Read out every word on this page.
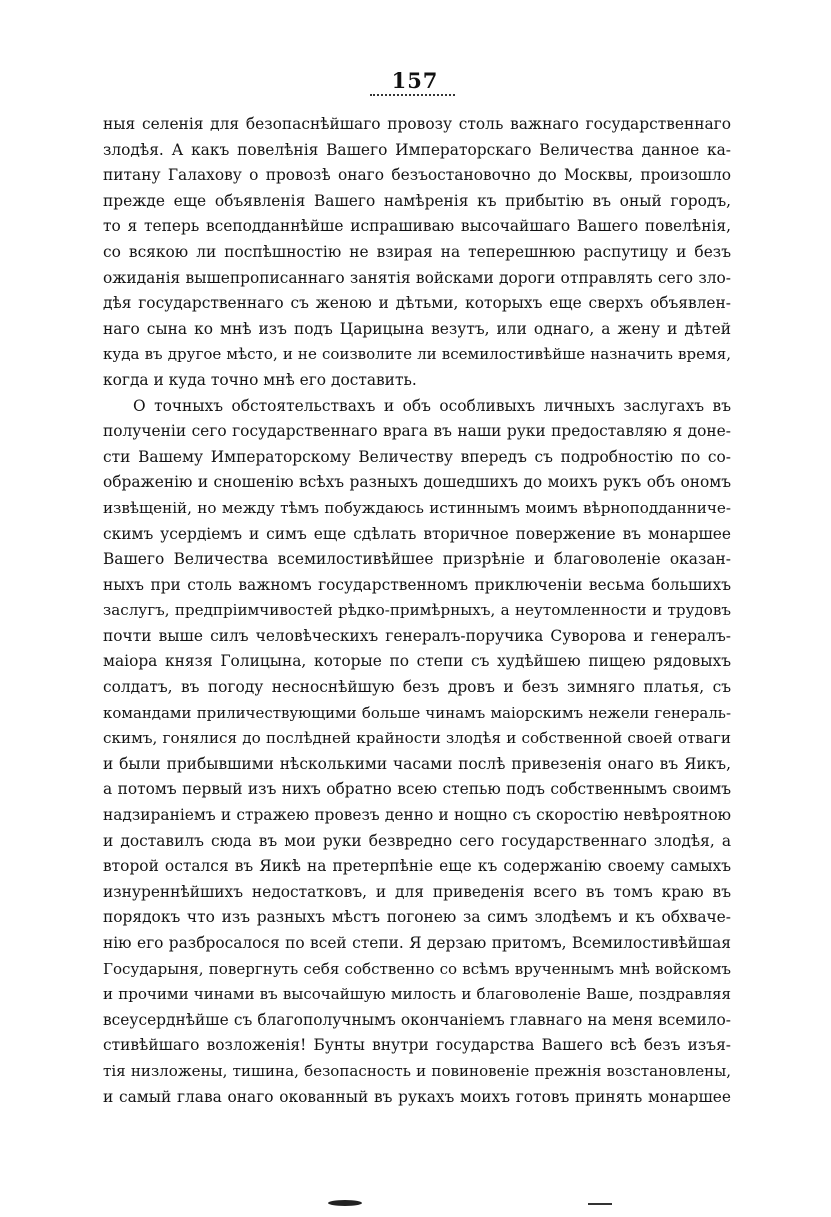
157
ныя селенія для безопаснѣйшаго провозу столь важнаго государственнаго
злодѣя. А какъ повелѣнія Вашего Императорскаго Величества данное ка-
питану Галахову о провозѣ онаго безъостановочно до Москвы, произошло
прежде еще объявленія Вашего намѣренія къ прибытію въ оный городъ,
то я теперь всеподданнѣйше испрашиваю высочайшаго Вашего повелѣнія,
со всякою ли поспѣшностію не взирая на теперешнюю распутицу и безъ
ожиданія вышепрописаннаго занятія войсками дороги отправлять сего зло-
дѣя государственнаго съ женою и дѣтьми, которыхъ еще сверхъ объявлен-
наго сына ко мнѣ изъ подъ Царицына везутъ, или однаго, а жену и дѣтей
куда въ другое мѣсто, и не соизволите ли всемилостивѣйше назначить время,
когда и куда точно мнѣ его доставить.
О точныхъ обстоятельствахъ и объ особливыхъ личныхъ заслугахъ въ
полученіи сего государственнаго врага въ наши руки предоставляю я доне-
сти Вашему Императорскому Величеству впередъ съ подробностію по со-
ображенію и сношенію всѣхъ разныхъ дошедшихъ до моихъ рукъ объ ономъ
извѣщеній, но между тѣмъ побуждаюсь истиннымъ моимъ вѣрноподданниче-
скимъ усердіемъ и симъ еще сдѣлать вторичное повержение въ монаршее
Вашего Величества всемилостивѣйшее призрѣніе и благоволеніе оказан-
ныхъ при столь важномъ государственномъ приключеніи весьма большихъ
заслугъ, предпріимчивостей рѣдко-примѣрныхъ, а неутомленности и трудовъ
почти выше силъ человѣческихъ генералъ-поручика Суворова и генералъ-
маіора князя Голицына, которые по степи съ худѣйшею пищею рядовыхъ
солдатъ, въ погоду несноснѣйшую безъ дровъ и безъ зимняго платья, съ
командами приличествующими больше чинамъ маіорскимъ нежели генераль-
скимъ, гонялися до послѣдней крайности злодѣя и собственной своей отваги
и были прибывшими нѣсколькими часами послѣ привезенія онаго въ Яикъ,
а потомъ первый изъ нихъ обратно всею степью подъ собственнымъ своимъ
надзираніемъ и стражею провезъ денно и нощно съ скоростію невѣроятною
и доставилъ сюда въ мои руки безвредно сего государственнаго злодѣя, а
второй остался въ Яикѣ на претерпѣніе еще къ содержанію своему самыхъ
изнуреннѣйшихъ недостатковъ, и для приведенія всего въ томъ краю въ
порядокъ что изъ разныхъ мѣстъ погонею за симъ злодѣемъ и къ обхваче-
нію его разбросалося по всей степи. Я дерзаю притомъ, Всемилостивѣйшая
Государыня, повергнуть себя собственно со всѣмъ врученнымъ мнѣ войскомъ
и прочими чинами въ высочайшую милость и благоволеніе Ваше, поздравляя
всеусерднѣйше съ благополучнымъ окончаніемъ главнаго на меня всемило-
стивѣйшаго возложенія! Бунты внутри государства Вашего всѣ безъ изъя-
тія низложены, тишина, безопасность и повиновеніе прежнія возстановлены,
и самый глава онаго окованный въ рукахъ моихъ готовъ принять монаршее
